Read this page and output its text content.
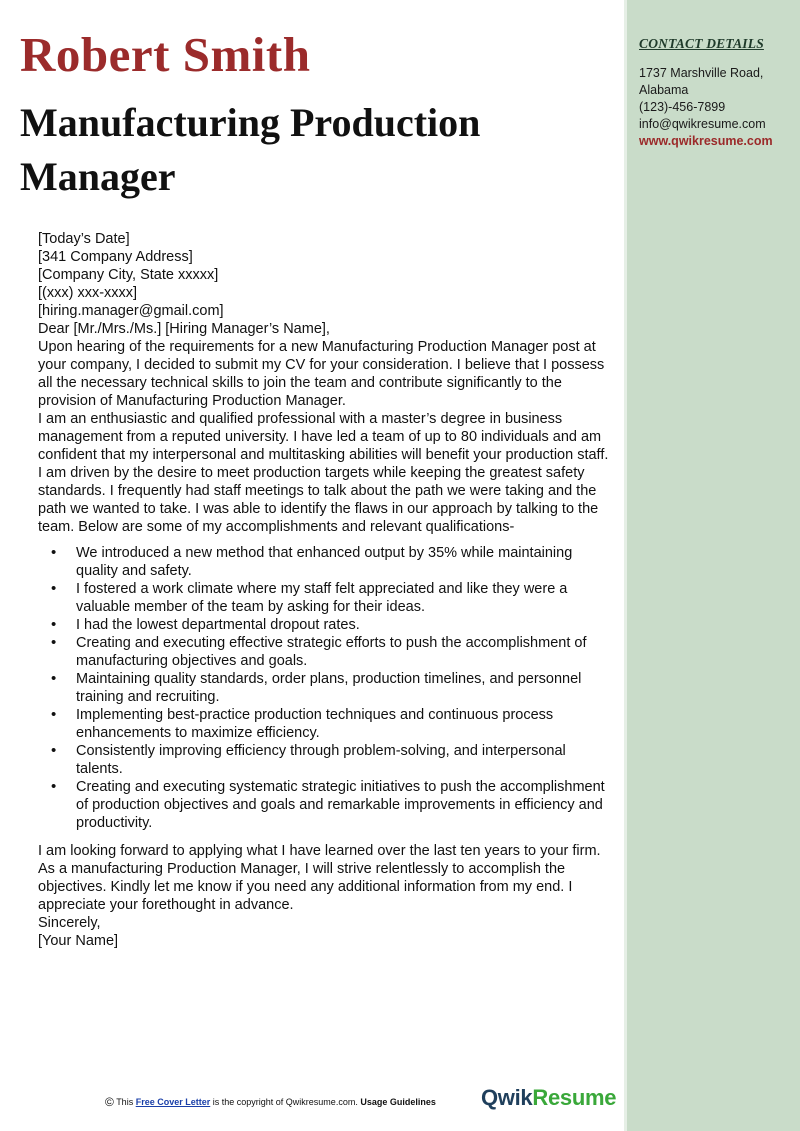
Robert Smith
Manufacturing Production Manager
CONTACT DETAILS
1737 Marshville Road,
Alabama
(123)-456-7899
info@qwikresume.com
www.qwikresume.com

[Today’s Date]

[341 Company Address]
[Company City, State xxxxx]
[(xxx) xxx-xxxx]
[hiring.manager@gmail.com]

Dear [Mr./Mrs./Ms.] [Hiring Manager’s Name],

Upon hearing of the requirements for a new Manufacturing Production Manager post at your company, I decided to submit my CV for your consideration. I believe that I possess all the necessary technical skills to join the team and contribute significantly to the provision of Manufacturing Production Manager.

I am an enthusiastic and qualified professional with a master’s degree in business management from a reputed university. I have led a team of up to 80 individuals and am confident that my interpersonal and multitasking abilities will benefit your production staff. I am driven by the desire to meet production targets while keeping the greatest safety standards. I frequently had staff meetings to talk about the path we were taking and the path we wanted to take. I was able to identify the flaws in our approach by talking to the team. Below are some of my accomplishments and relevant qualifications-

• We introduced a new method that enhanced output by 35% while maintaining quality and safety.
• I fostered a work climate where my staff felt appreciated and like they were a valuable member of the team by asking for their ideas.
• I had the lowest departmental dropout rates.
• Creating and executing effective strategic efforts to push the accomplishment of manufacturing objectives and goals.
• Maintaining quality standards, order plans, production timelines, and personnel training and recruiting.
• Implementing best-practice production techniques and continuous process enhancements to maximize efficiency.
• Consistently improving efficiency through problem-solving, and interpersonal talents.
• Creating and executing systematic strategic initiatives to push the accomplishment of production objectives and goals and remarkable improvements in efficiency and productivity.

I am looking forward to applying what I have learned over the last ten years to your firm. As a manufacturing Production Manager, I will strive relentlessly to accomplish the objectives. Kindly let me know if you need any additional information from my end. I appreciate your forethought in advance.

Sincerely,

[Your Name]

© This Free Cover Letter is the copyright of Qwikresume.com. Usage Guidelines	QwikResume
